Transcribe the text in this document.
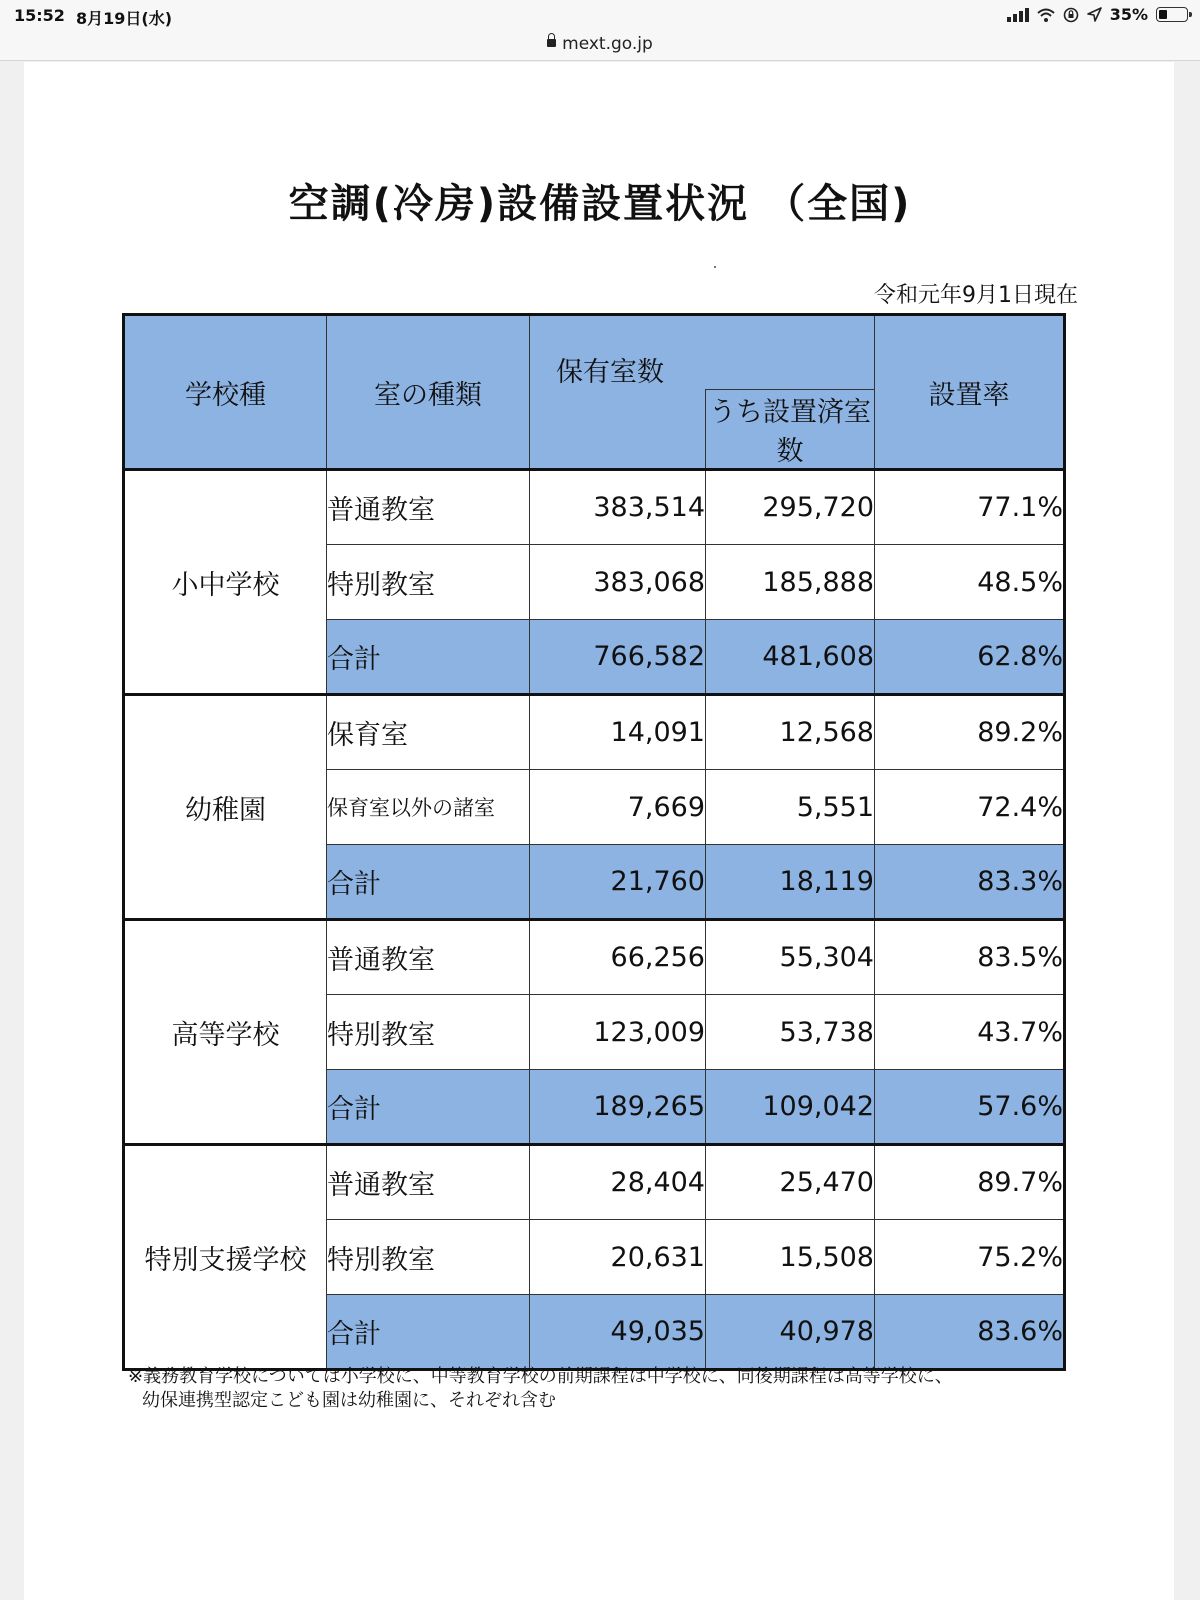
15:52 8月19日(水)	35%
mext.go.jp
空調(冷房)設備設置状況 （全国)
令和元年9月1日現在
学校種	室の種類	保有室数		設置率
			うち設置済室数	
小中学校	普通教室	383,514	295,720	77.1%
	特別教室	383,068	185,888	48.5%
	合計	766,582	481,608	62.8%
幼稚園	保育室	14,091	12,568	89.2%
	保育室以外の諸室	7,669	5,551	72.4%
	合計	21,760	18,119	83.3%
高等学校	普通教室	66,256	55,304	83.5%
	特別教室	123,009	53,738	43.7%
	合計	189,265	109,042	57.6%
特別支援学校	普通教室	28,404	25,470	89.7%
	特別教室	20,631	15,508	75.2%
	合計	49,035	40,978	83.6%
※義務教育学校については小学校に、中等教育学校の前期課程は中学校に、同後期課程は高等学校に、
幼保連携型認定こども園は幼稚園に、それぞれ含む
